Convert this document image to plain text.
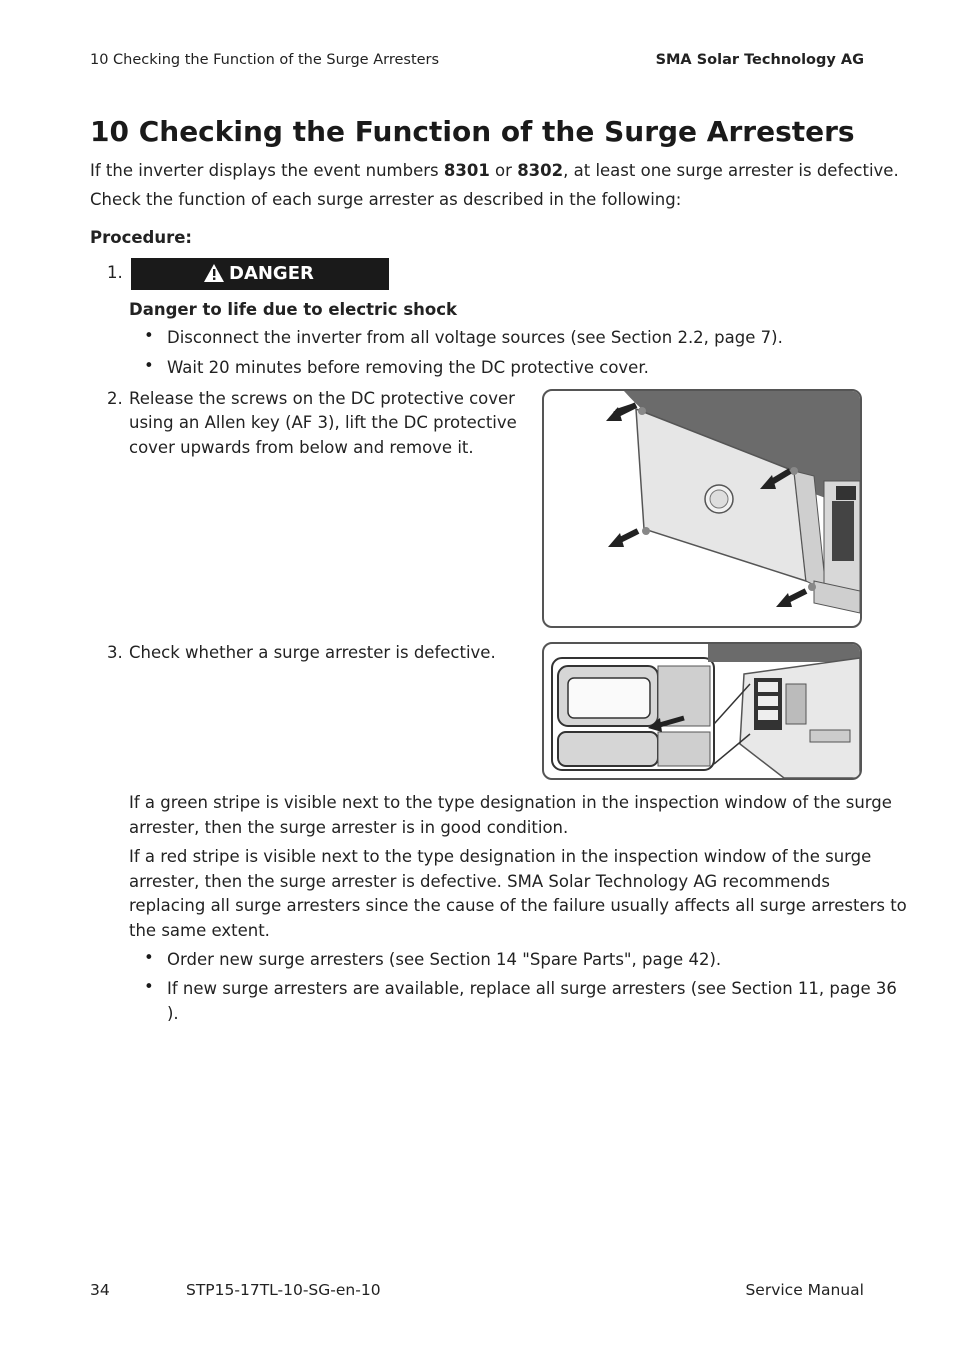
10 Checking the Function of the Surge Arresters	SMA Solar Technology AG
10 Checking the Function of the Surge Arresters
If the inverter displays the event numbers 8301 or 8302, at least one surge arrester is defective.
Check the function of each surge arrester as described in the following:
Procedure:
1.	DANGER
Danger to life due to electric shock
• Disconnect the inverter from all voltage sources (see Section 2.2, page 7).
• Wait 20 minutes before removing the DC protective cover.
2. Release the screws on the DC protective cover
using an Allen key (AF 3), lift the DC protective
cover upwards from below and remove it.
3. Check whether a surge arrester is defective.
If a green stripe is visible next to the type designation in the inspection window of the surge
arrester, then the surge arrester is in good condition.
If a red stripe is visible next to the type designation in the inspection window of the surge
arrester, then the surge arrester is defective. SMA Solar Technology AG recommends
replacing all surge arresters since the cause of the failure usually affects all surge arresters to
the same extent.
• Order new surge arresters (see Section 14 "Spare Parts", page 42).
• If new surge arresters are available, replace all surge arresters (see Section 11, page 36
).
34	STP15-17TL-10-SG-en-10	Service Manual
